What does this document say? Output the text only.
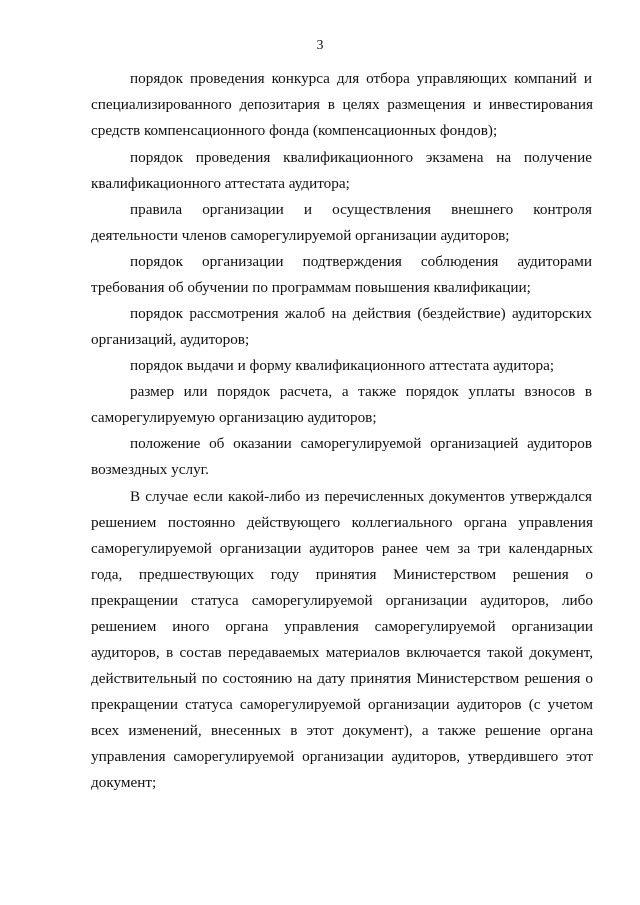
3
порядок проведения конкурса для отбора управляющих компаний и
специализированного депозитария в целях размещения и инвестирования
средств компенсационного фонда (компенсационных фондов);
порядок проведения квалификационного экзамена на получение
квалификационного аттестата аудитора;
правила организации и осуществления внешнего контроля
деятельности членов саморегулируемой организации аудиторов;
порядок организации подтверждения соблюдения аудиторами
требования об обучении по программам повышения квалификации;
порядок рассмотрения жалоб на действия (бездействие) аудиторских
организаций, аудиторов;
порядок выдачи и форму квалификационного аттестата аудитора;
размер или порядок расчета, а также порядок уплаты взносов в
саморегулируемую организацию аудиторов;
положение об оказании саморегулируемой организацией аудиторов
возмездных услуг.
В случае если какой-либо из перечисленных документов утверждался
решением постоянно действующего коллегиального органа управления
саморегулируемой организации аудиторов ранее чем за три календарных
года, предшествующих году принятия Министерством решения о
прекращении статуса саморегулируемой организации аудиторов, либо
решением иного органа управления саморегулируемой организации
аудиторов, в состав передаваемых материалов включается такой документ,
действительный по состоянию на дату принятия Министерством решения о
прекращении статуса саморегулируемой организации аудиторов (с учетом
всех изменений, внесенных в этот документ), а также решение органа
управления саморегулируемой организации аудиторов, утвердившего этот
документ;
